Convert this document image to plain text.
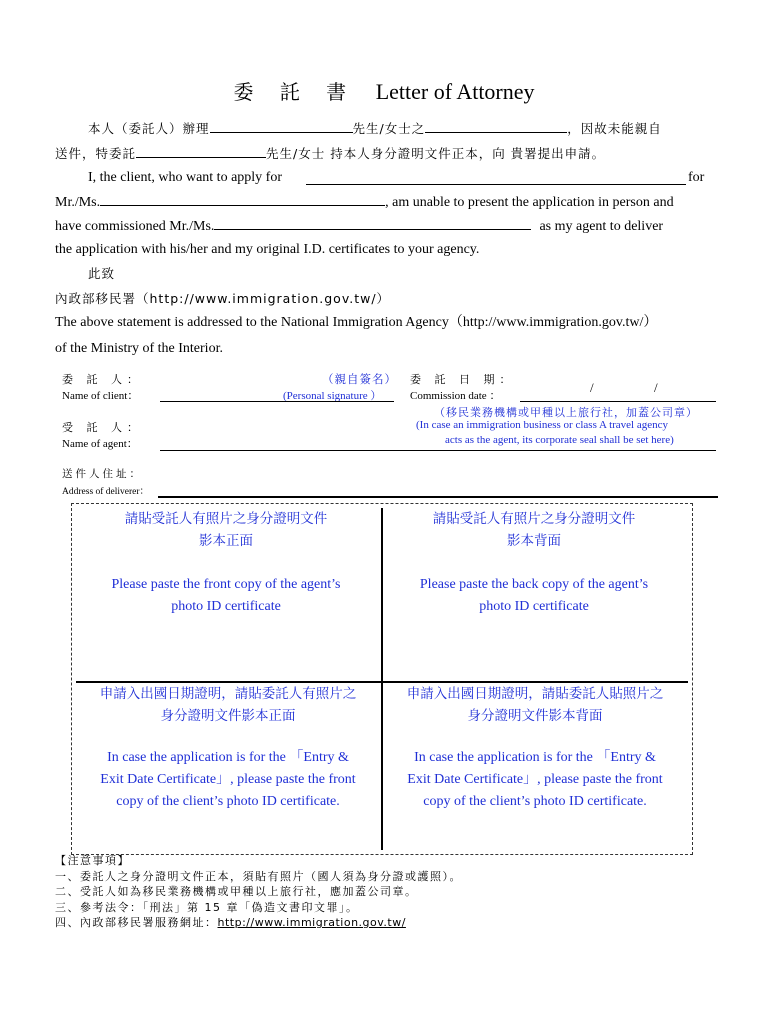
委 託 書 Letter of Attorney
本人（委託人）辦理	先生/女士之	，因故未能親自
送件，特委託	先生/女士 持本人身分證明文件正本，向 貴署提出申請。
I, the client, who want to apply for	for
Mr./Ms.	, am unable to present the application in person and
have commissioned Mr./Ms.	as my agent to deliver
the application with his/her and my original I.D. certificates to your agency.
此致
內政部移民署（http://www.immigration.gov.tw/）
The above statement is addressed to the National Immigration Agency（http://www.immigration.gov.tw/）
of the Ministry of the Interior.
委 託 人：
Name of client：
（親自簽名）
(Personal signature ）
委 託 日 期：
Commission date ：
/	/
（移民業務機構或甲種以上旅行社，加蓋公司章）
受 託 人：	(In case an immigration business or class A travel agency
Name of agent：	acts as the agent, its corporate seal shall be set here)
送件人住址：
Address of deliverer：
請貼受託人有照片之身分證明文件
影本正面
Please paste the front copy of the agent’s
photo ID certificate
請貼受託人有照片之身分證明文件
影本背面
Please paste the back copy of the agent’s
photo ID certificate
申請入出國日期證明，請貼委託人有照片之
身分證明文件影本正面
In case the application is for the 「Entry &
Exit Date Certificate」, please paste the front
copy of the client’s photo ID certificate.
申請入出國日期證明，請貼委託人貼照片之
身分證明文件影本背面
In case the application is for the 「Entry &
Exit Date Certificate」, please paste the front
copy of the client’s photo ID certificate.
【注意事項】
一、委託人之身分證明文件正本，須貼有照片（國人須為身分證或護照）。
二、受託人如為移民業務機構或甲種以上旅行社，應加蓋公司章。
三、參考法令：「刑法」第 15 章「偽造文書印文罪」。
四、內政部移民署服務網址：http://www.immigration.gov.tw/
